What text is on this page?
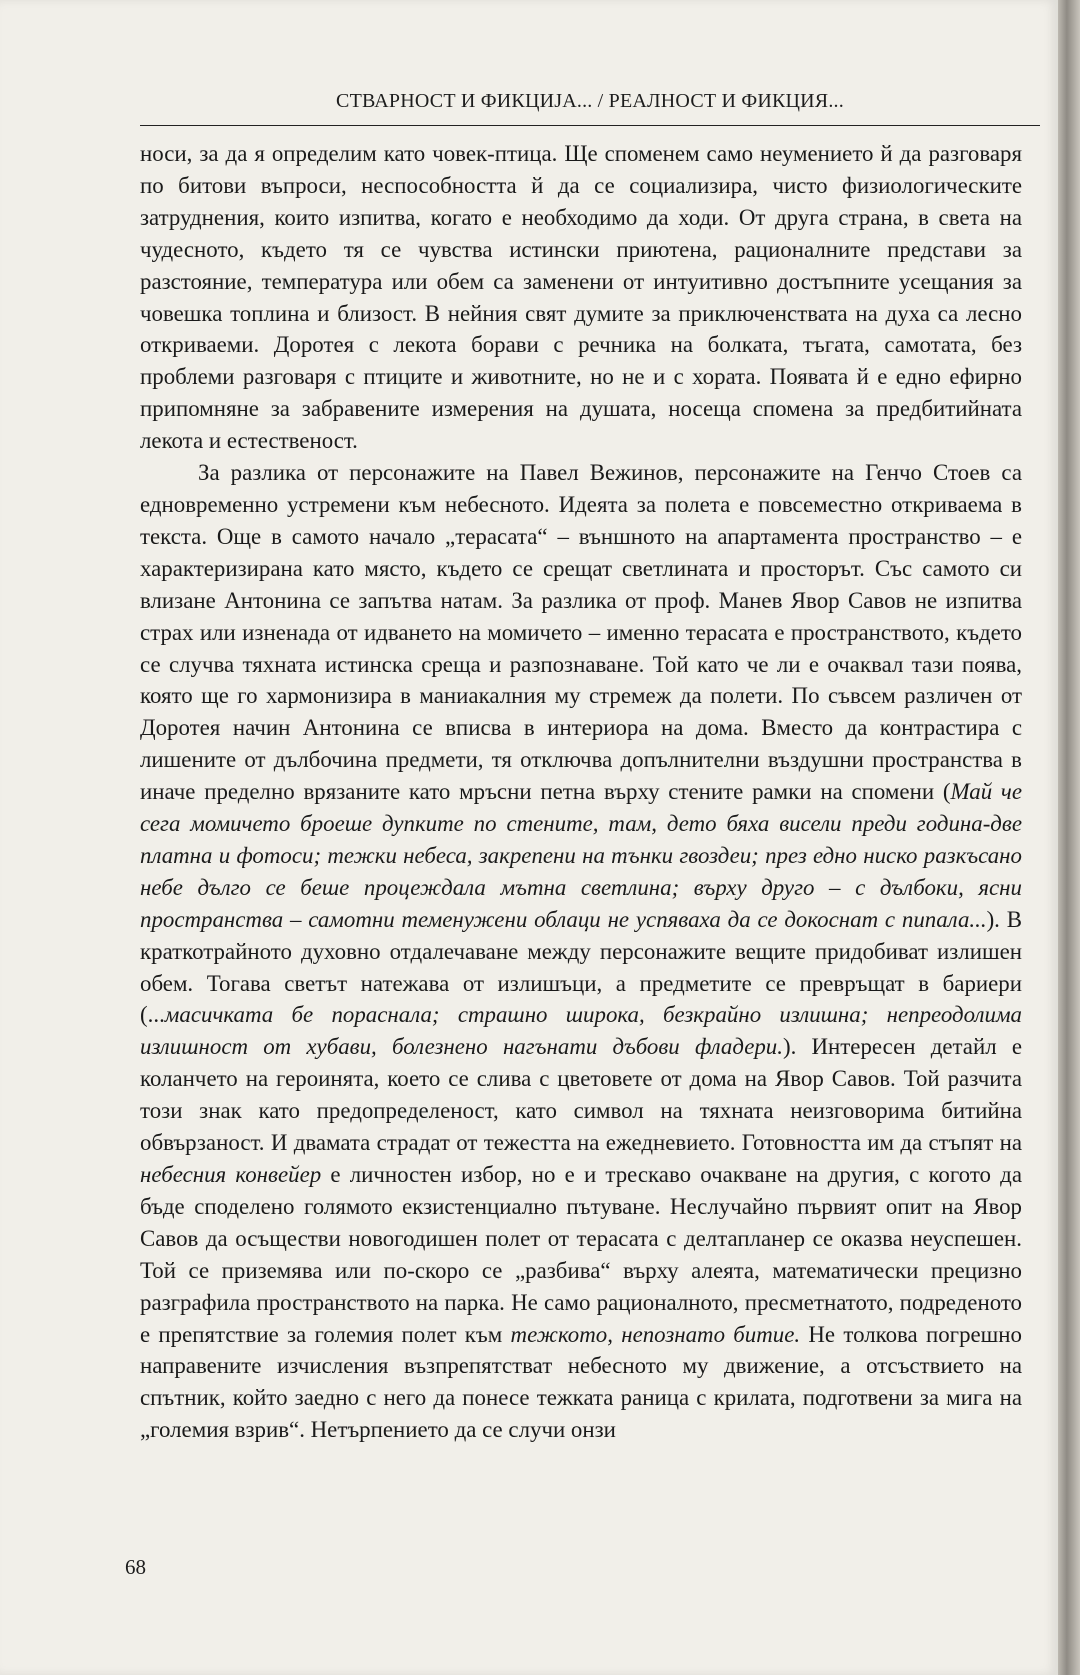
СТВАРНОСТ И ФИКЦИЈА... / РЕАЛНОСТ И ФИКЦИЯ...

носи, за да я определим като човек-птица. Ще споменем само неумението й да разговаря по битови въпроси, неспособността й да се социализира, чисто физиологическите затруднения, които изпитва, когато е необходимо да ходи. От друга страна, в света на чудесното, където тя се чувства истински приютена, рационалните представи за разстояние, температура или обем са заменени от интуитивно достъпните усещания за човешка топлина и близост. В нейния свят думите за приключенствата на духа са лесно откриваеми. Доротея с лекота борави с речника на болката, тъгата, самотата, без проблеми разговаря с птиците и животните, но не и с хората. Появата й е едно ефирно припомняне за забравените измерения на душата, носеща спомена за предбитийната лекота и естественост.

За разлика от персонажите на Павел Вежинов, персонажите на Генчо Стоев са едновременно устремени към небесното. Идеята за полета е повсеместно откриваема в текста. Още в самото начало „терасата“ – външното на апартамента пространство – е характеризирана като място, където се срещат светлината и просторът. Със самото си влизане Антонина се запътва натам. За разлика от проф. Манев Явор Савов не изпитва страх или изненада от идването на момичето – именно терасата е пространството, където се случва тяхната истинска среща и разпознаване. Той като че ли е очаквал тази поява, която ще го хармонизира в маниакалния му стремеж да полети. По съвсем различен от Доротея начин Антонина се вписва в интериора на дома. Вместо да контрастира с лишените от дълбочина предмети, тя отключва допълнителни въздушни пространства в иначе пределно врязаните като мръсни петна върху стените рамки на спомени (Май че сега момичето броеше дупките по стените, там, дето бяха висели преди година-две платна и фотоси; тежки небеса, закрепени на тънки гвоздеи; през едно ниско разкъсано небе дълго се беше процеждала мътна светлина; върху друго – с дълбоки, ясни пространства – самотни теменужени облаци не успяваха да се докоснат с пипала...). В краткотрайното духовно отдалечаване между персонажите вещите придобиват излишен обем. Тогава светът натежава от излишъци, а предметите се превръщат в бариери (...масичката бе пораснала; страшно широка, безкрайно излишна; непреодолима излишност от хубави, болезнено нагънати дъбови фладери.). Интересен детайл е коланчето на героинята, което се слива с цветовете от дома на Явор Савов. Той разчита този знак като предопределеност, като символ на тяхната неизговорима битийна обвързаност. И двамата страдат от тежестта на ежедневието. Готовността им да стъпят на небесния конвейер е личностен избор, но е и трескаво очакване на другия, с когото да бъде споделено голямото екзистенциално пътуване. Неслучайно първият опит на Явор Савов да осъществи новогодишен полет от терасата с делтапланер се оказва неуспешен. Той се приземява или по-скоро се „разбива“ върху алеята, математически прецизно разграфила пространството на парка. Не само рационалното, пресметнатото, подреденото е препятствие за големия полет към тежкото, непознато битие. Не толкова погрешно направените изчисления възпрепятстват небесното му движение, а отсъствието на спътник, който заедно с него да понесе тежката раница с крилата, подготвени за мига на „големия взрив“. Нетърпението да се случи онзи

68
